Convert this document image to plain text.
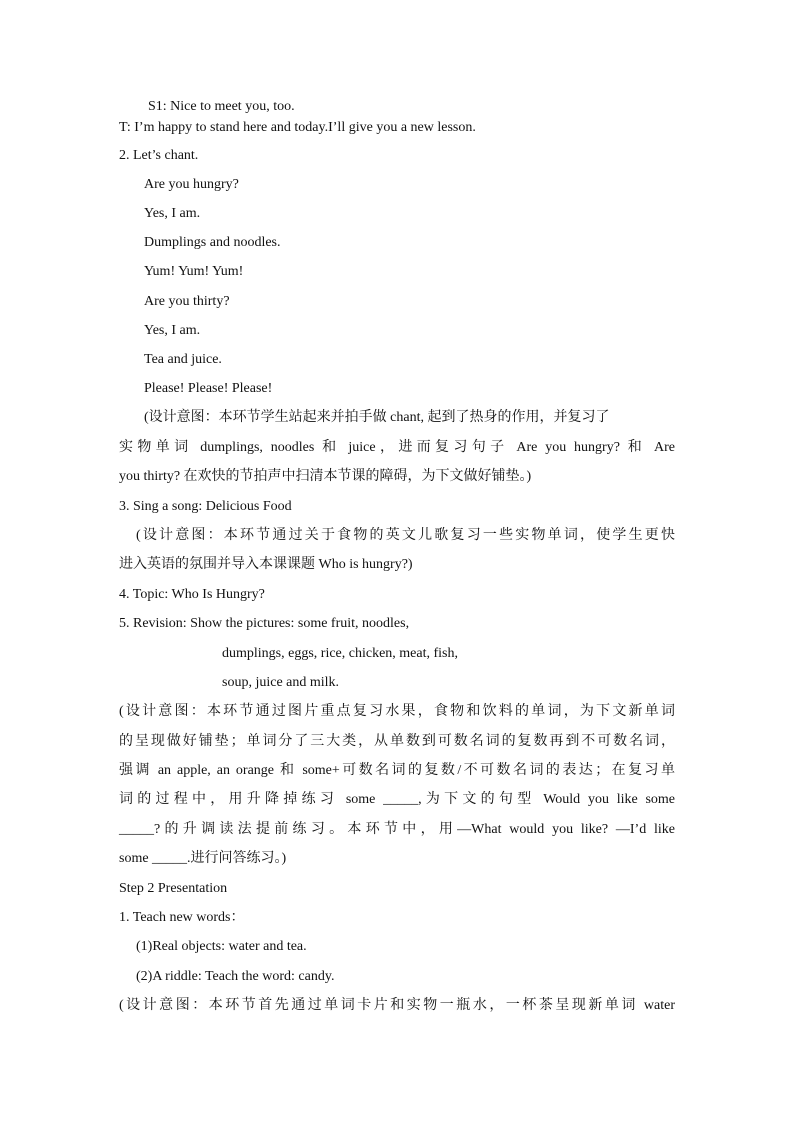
S1: Nice to meet you, too.
T: I’m happy to stand here and today.I’ll give you a new lesson.
2. Let’s chant.
Are you hungry?
Yes, I am.
Dumplings and noodles.
Yum! Yum! Yum!
Are you thirty?
Yes, I am.
Tea and juice.
Please! Please! Please!
(设计意图：本环节学生站起来并拍手做 chant, 起到了热身的作用，并复习了
实物单词 dumplings, noodles 和 juice，进而复习句子 Are you hungry? 和 Are
you thirty? 在欢快的节拍声中扫清本节课的障碍，为下文做好铺垫。)
3. Sing a song: Delicious Food
(设计意图：本环节通过关于食物的英文儿歌复习一些实物单词，使学生更快
进入英语的氛围并导入本课课题 Who is hungry?)
4. Topic: Who Is Hungry?
5. Revision: Show the pictures: some fruit, noodles,
dumplings, eggs, rice, chicken, meat, fish,
soup, juice and milk.
(设计意图：本环节通过图片重点复习水果，食物和饮料的单词，为下文新单词
的呈现做好铺垫；单词分了三大类，从单数到可数名词的复数再到不可数名词，
强调 an apple, an orange 和 some+可数名词的复数/不可数名词的表达；在复习单
词的过程中，用升降掉练习 some _____,为下文的句型 Would you like some
_____?的升调读法提前练习。本环节中，用—What would you like? —I’d like
some _____.进行问答练习。)
Step 2 Presentation
1. Teach new words：
(1)Real objects: water and tea.
(2)A riddle: Teach the word: candy.
(设计意图：本环节首先通过单词卡片和实物一瓶水，一杯茶呈现新单词 water
